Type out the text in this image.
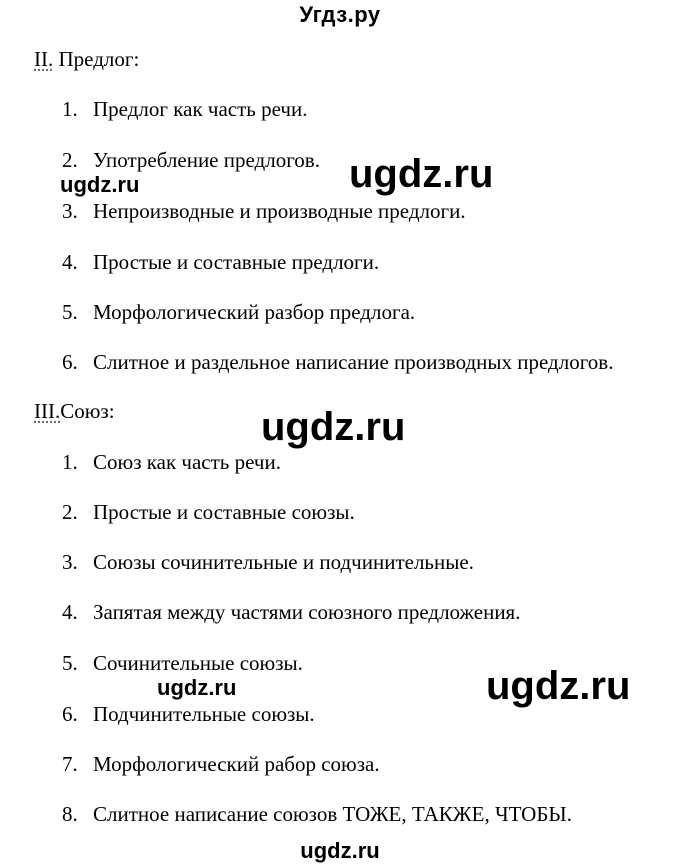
Угдз.ру
II. Предлог:
1. Предлог как часть речи.
2. Употребление предлогов.
3. Непроизводные и производные предлоги.
4. Простые и составные предлоги.
5. Морфологический разбор предлога.
6. Слитное и раздельное написание производных предлогов.
III.Союз:
1. Союз как часть речи.
2. Простые и составные союзы.
3. Союзы сочинительные и подчинительные.
4. Запятая между частями союзного предложения.
5. Сочинительные союзы.
6. Подчинительные союзы.
7. Морфологический рабор союза.
8. Слитное написание союзов ТОЖЕ, ТАКЖЕ, ЧТОБЫ.
ugdz.ru
ugdz.ru
ugdz.ru
ugdz.ru	ugdz.ru
ugdz.ru
